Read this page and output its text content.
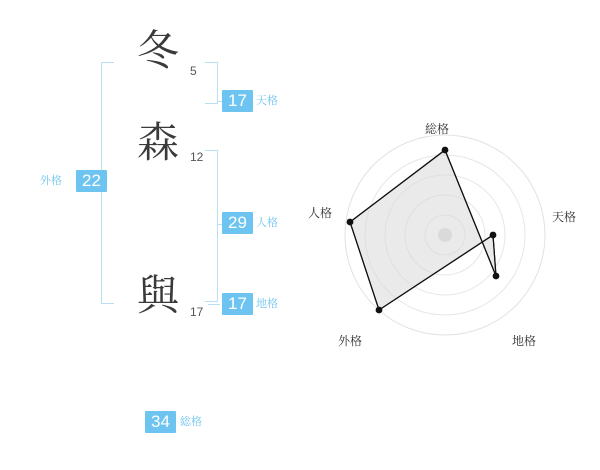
冬
森
與
5
12
17
外格	22
17 天格
29 人格
17 地格
34 総格
総格
天格
地格
外格
人格
